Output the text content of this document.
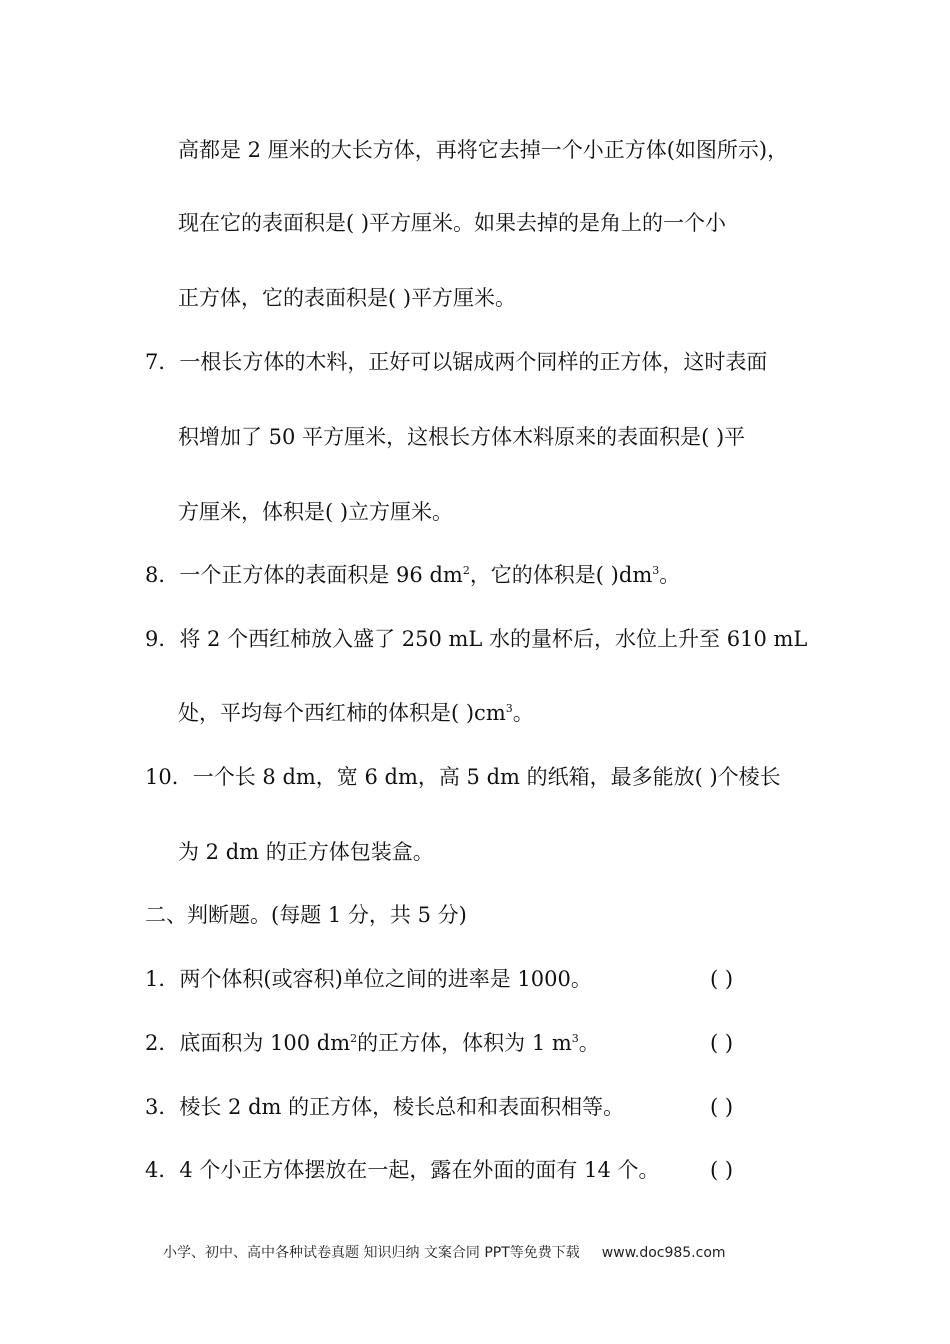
高都是 2 厘米的大长方体，再将它去掉一个小正方体(如图所示)，
现在它的表面积是( )平方厘米。如果去掉的是角上的一个小
正方体，它的表面积是( )平方厘米。
7．一根长方体的木料，正好可以锯成两个同样的正方体，这时表面
积增加了 50 平方厘米，这根长方体木料原来的表面积是( )平
方厘米，体积是( )立方厘米。
8．一个正方体的表面积是 96 $dm^2$，它的体积是( )$dm^3$。
9．将 2 个西红柿放入盛了 250 mL 水的量杯后，水位上升至 610 mL
处，平均每个西红柿的体积是( )$cm^3$。
10．一个长 8 dm，宽 6 dm，高 5 dm 的纸箱，最多能放( )个棱长
为 2 dm 的正方体包装盒。
二、判断题。(每题 1 分，共 5 分)
1．两个体积(或容积)单位之间的进率是 1000。	( )
2．底面积为 100 $dm^2$的正方体，体积为 1 $m^3$。	( )
3．棱长 2 dm 的正方体，棱长总和和表面积相等。	( )
4．4 个小正方体摆放在一起，露在外面的面有 14 个。 ( )
小学、初中、高中各种试卷真题 知识归纳 文案合同 PPT等免费下载 www.doc985.com
